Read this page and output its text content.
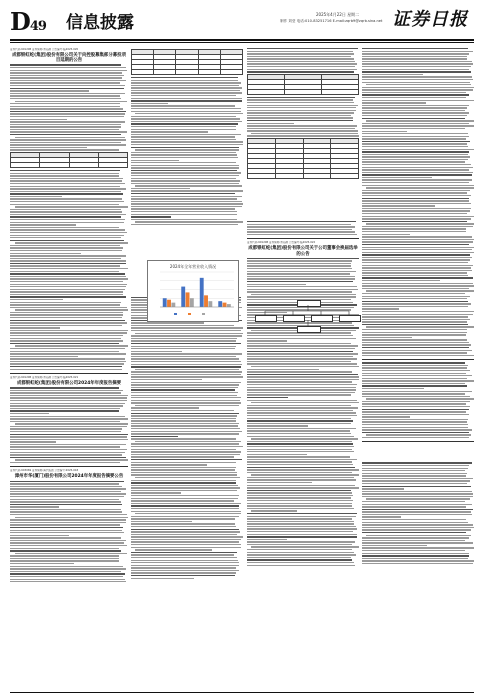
D49 信息披露	2025年4月22日 星期二
制作 刘莹 电话:010-83251716 E-mail:zqrb9@zqrb.sina.net 证券日报
证券代码:601298 证券简称:青岛港 公告编号:临2025-020
成都银虹蛇(集团)股份有限公司关于向控股募集部分募投项目延期的公告

证券代码:601298 证券简称:青岛港 公告编号:临2025-021
成都银虹蛇(集团)股份有限公司2024年年度报告摘要
证券代码:603069 证券简称:海汽集团 公告编号:2025-018
漳州市华(厦门)股份有限公司2024年年度报告摘要公告

2024年全年营业收入情况

证券代码:601298 证券简称:青岛港 公告编号:临2025-022
成都银虹蛇(集团)股份有限公司关于公司董事会换届选举的公告
